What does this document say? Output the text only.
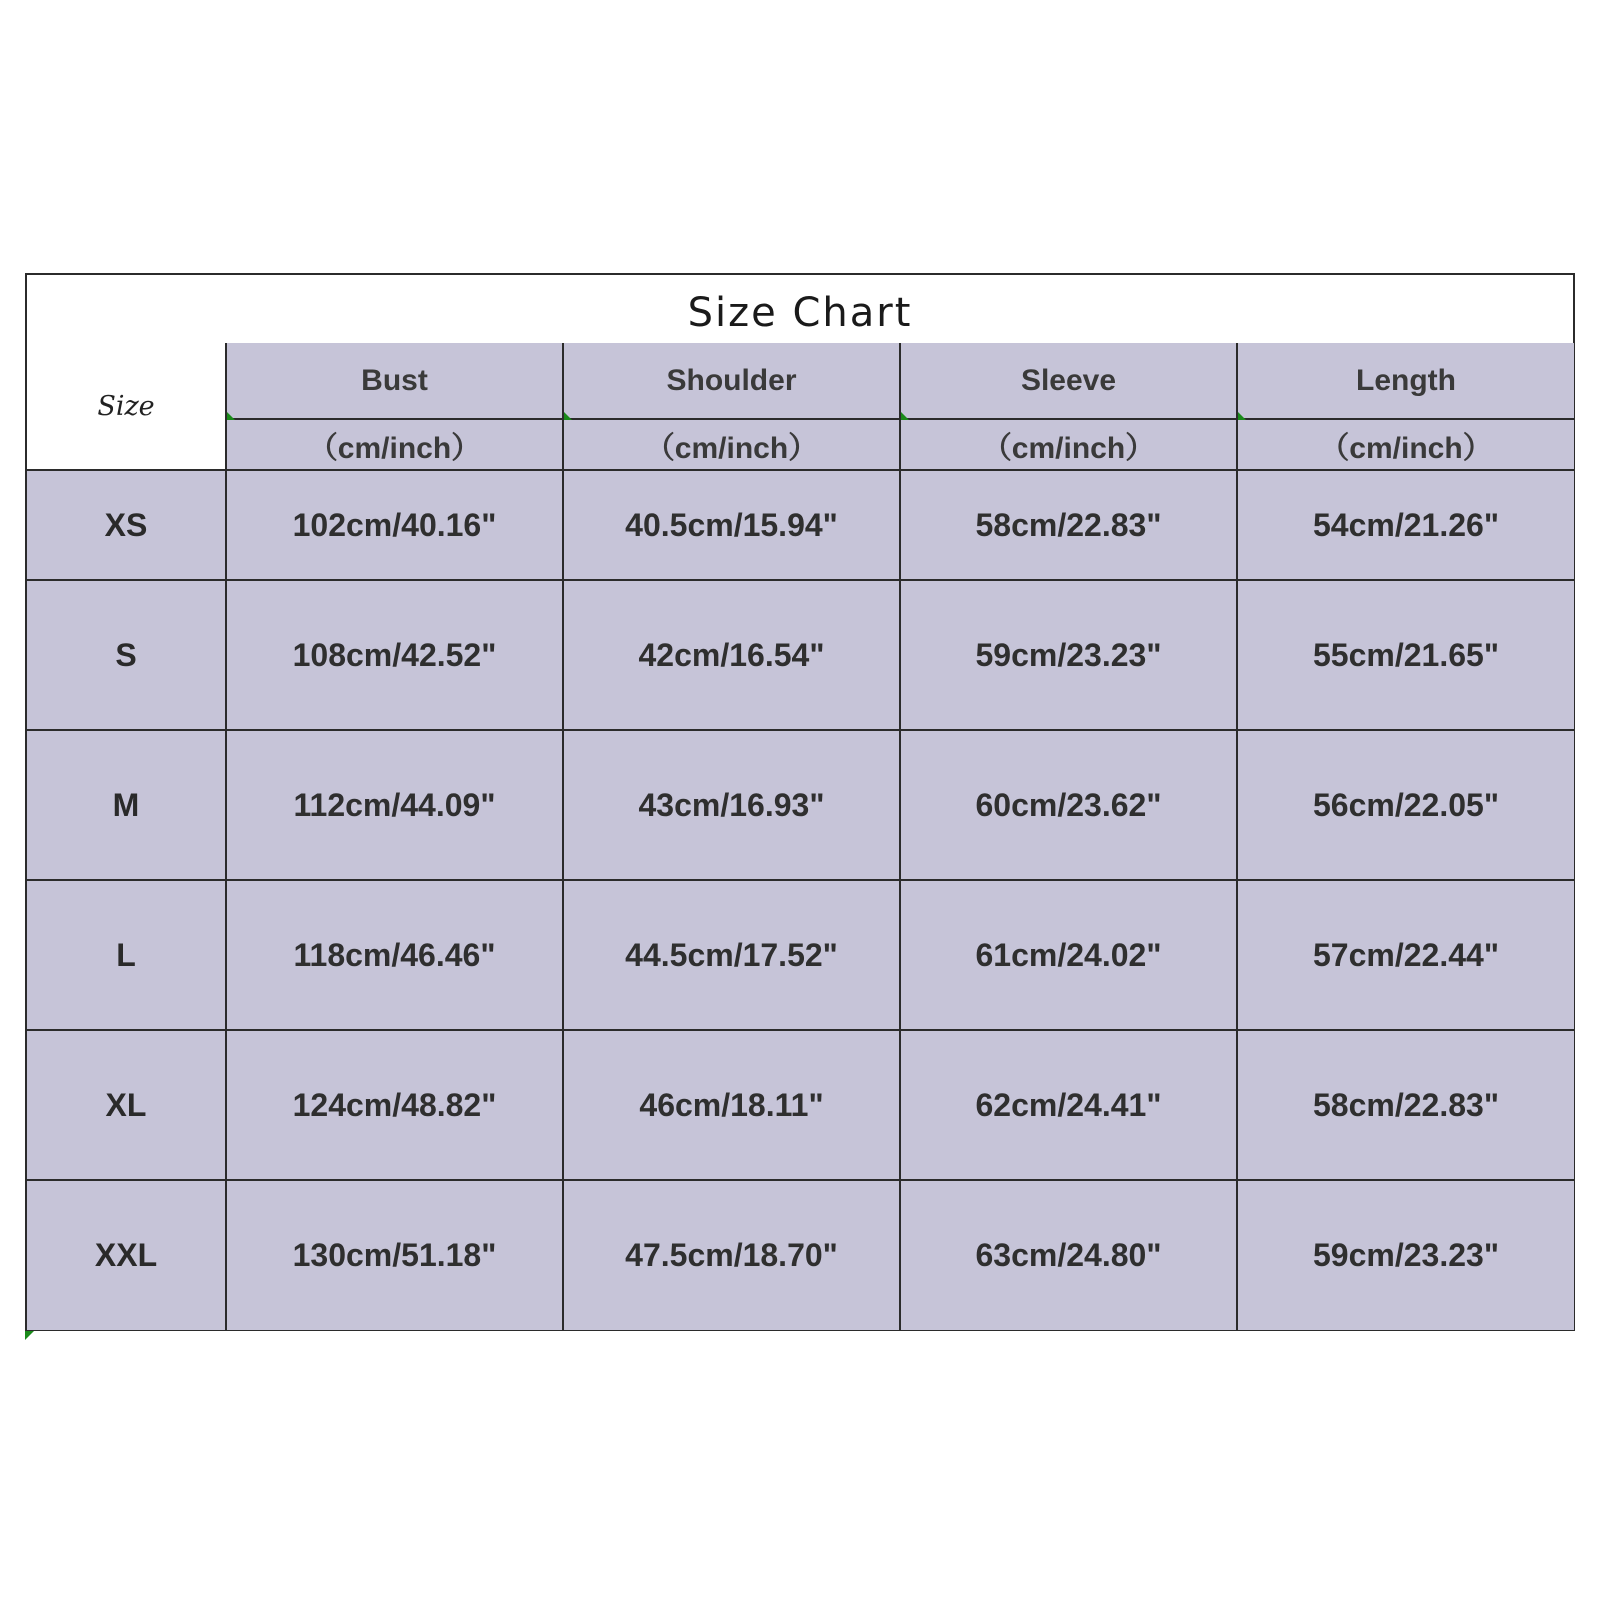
Size Chart
Size	Bust	Shoulder	Sleeve	Length

	（cm/inch）	（cm/inch）	（cm/inch）	（cm/inch）
XS	102cm/40.16"	40.5cm/15.94"	58cm/22.83"	54cm/21.26"
S	108cm/42.52"	42cm/16.54"	59cm/23.23"	55cm/21.65"
M	112cm/44.09"	43cm/16.93"	60cm/23.62"	56cm/22.05"
L	118cm/46.46"	44.5cm/17.52"	61cm/24.02"	57cm/22.44"
XL	124cm/48.82"	46cm/18.11"	62cm/24.41"	58cm/22.83"
XXL	130cm/51.18"	47.5cm/18.70"	63cm/24.80"	59cm/23.23"
